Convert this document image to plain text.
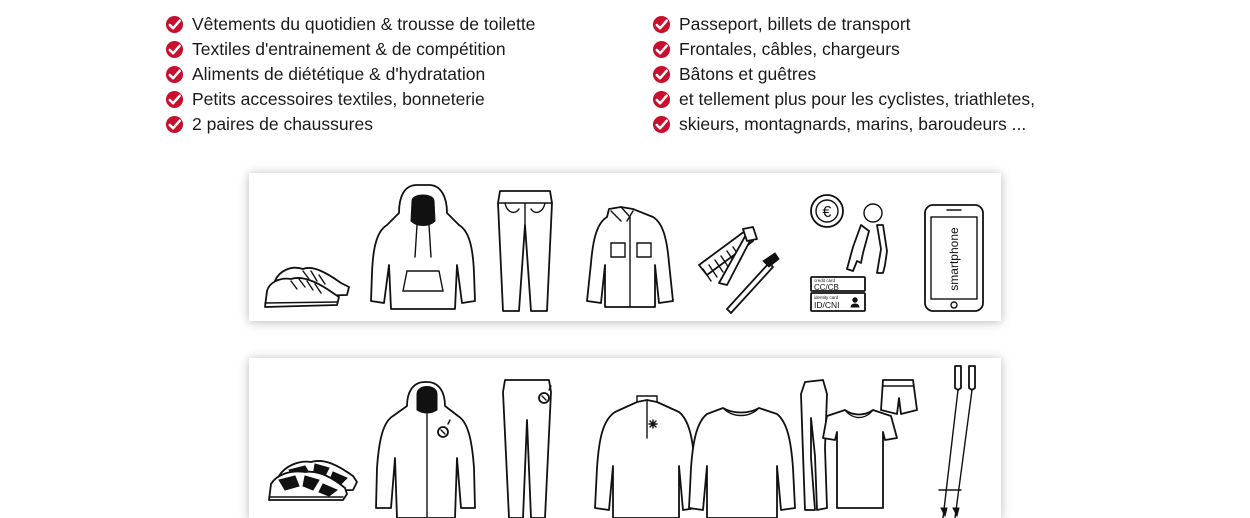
Vêtements du quotidien & trousse de toilette
Textiles d'entrainement & de compétition
Aliments de diététique & d'hydratation
Petits accessoires textiles, bonneterie
2 paires de chaussures
Passeport, billets de transport
Frontales, câbles, chargeurs
Bâtons et guêtres
et tellement plus pour les cyclistes, triathletes,
skieurs, montagnards, marins, baroudeurs ...
€
credit card
CC/CB
identity card
ID/CNI
smartphone
